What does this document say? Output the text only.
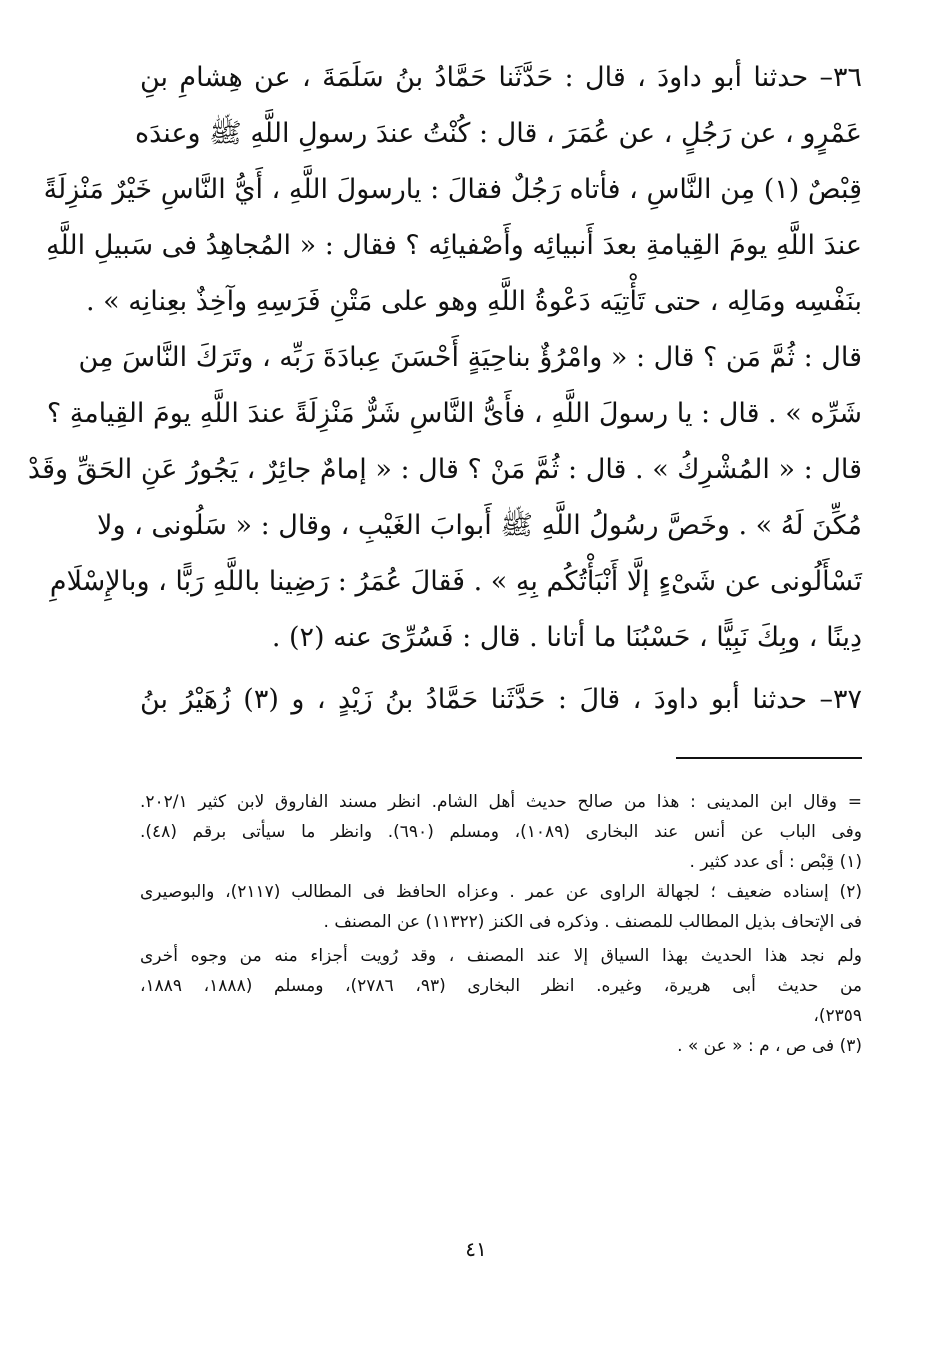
٣٦– حدثنا أبو داودَ ، قال : حَدَّثَنا حَمَّادُ بنُ سَلَمَةَ ، عن هِشامِ بنِ
عَمْرٍو ، عن رَجُلٍ ، عن عُمَرَ ، قال : كُنْتُ عندَ رسولِ اللَّهِ ﷺ وعندَه
قِبْصٌ (١) مِن النَّاسِ ، فأتاه رَجُلٌ فقالَ : يارسولَ اللَّهِ ، أَيُّ النَّاسِ خَيْرٌ مَنْزِلَةً
عندَ اللَّهِ يومَ القِيامةِ بعدَ أَنبيائِه وأَصْفيائِه ؟ فقال : « المُجاهِدُ فى سَبيلِ اللَّهِ
بنَفْسِه ومَالِه ، حتى تَأْتِيَه دَعْوةُ اللَّهِ وهو على مَتْنِ فَرَسِهِ وآخِذٌ بعِنانِه » .
قال : ثُمَّ مَن ؟ قال : « وامْرُؤٌ بناحِيَةٍ أَحْسَنَ عِبادَةَ رَبِّه ، وتَرَكَ النَّاسَ مِن
شَرِّه » . قال : يا رسولَ اللَّهِ ، فأَىُّ النَّاسِ شَرٌّ مَنْزِلَةً عندَ اللَّهِ يومَ القِيامةِ ؟
قال : « المُشْرِكُ » . قال : ثُمَّ مَنْ ؟ قال : « إمامٌ جائِرٌ ، يَجُورُ عَنِ الحَقِّ وقَدْ
مُكِّنَ لَهُ » . وخَصَّ رسُولُ اللَّهِ ﷺ أَبوابَ الغَيْبِ ، وقال : « سَلُونى ، ولا
تَسْأَلُونى عن شَىْءٍ إلَّا أَنْبَأْتُكُم بِهِ » . فَقالَ عُمَرُ : رَضِينا باللَّهِ رَبًّا ، وبالإِسْلَامِ
دِينًا ، وبِكَ نَبِيًّا ، حَسْبُنَا ما أتانا . قال : فَسُرِّىَ عنه (٢) .
٣٧– حدثنا أبو داودَ ، قالَ : حَدَّثَنا حَمَّادُ بنُ زَيْدٍ ، و (٣) زُهَيْرُ بنُ
= وقال ابن المدينى : هذا من صالح حديث أهل الشام. انظر مسند الفاروق لابن كثير ٢٠٢/١.
وفى الباب عن أنس عند البخارى (١٠٨٩)، ومسلم (٦٩٠). وانظر ما سيأتى برقم (٤٨).
(١) قِبْص : أى عدد كثير .
(٢) إسناده ضعيف ؛ لجهالة الراوى عن عمر . وعزاه الحافظ فى المطالب (٢١١٧)، والبوصيرى
فى الإتحاف بذيل المطالب للمصنف . وذكره فى الكنز (١١٣٢٢) عن المصنف .
ولم نجد هذا الحديث بهذا السياق إلا عند المصنف ، وقد رُويت أجزاء منه من وجوه أخرى
من حديث أبى هريرة، وغيره. انظر البخارى (٩٣، ٢٧٨٦)، ومسلم (١٨٨٨، ١٨٨٩،
٢٣٥٩)،
(٣) فى ص ، م : « عن » .
٤١
